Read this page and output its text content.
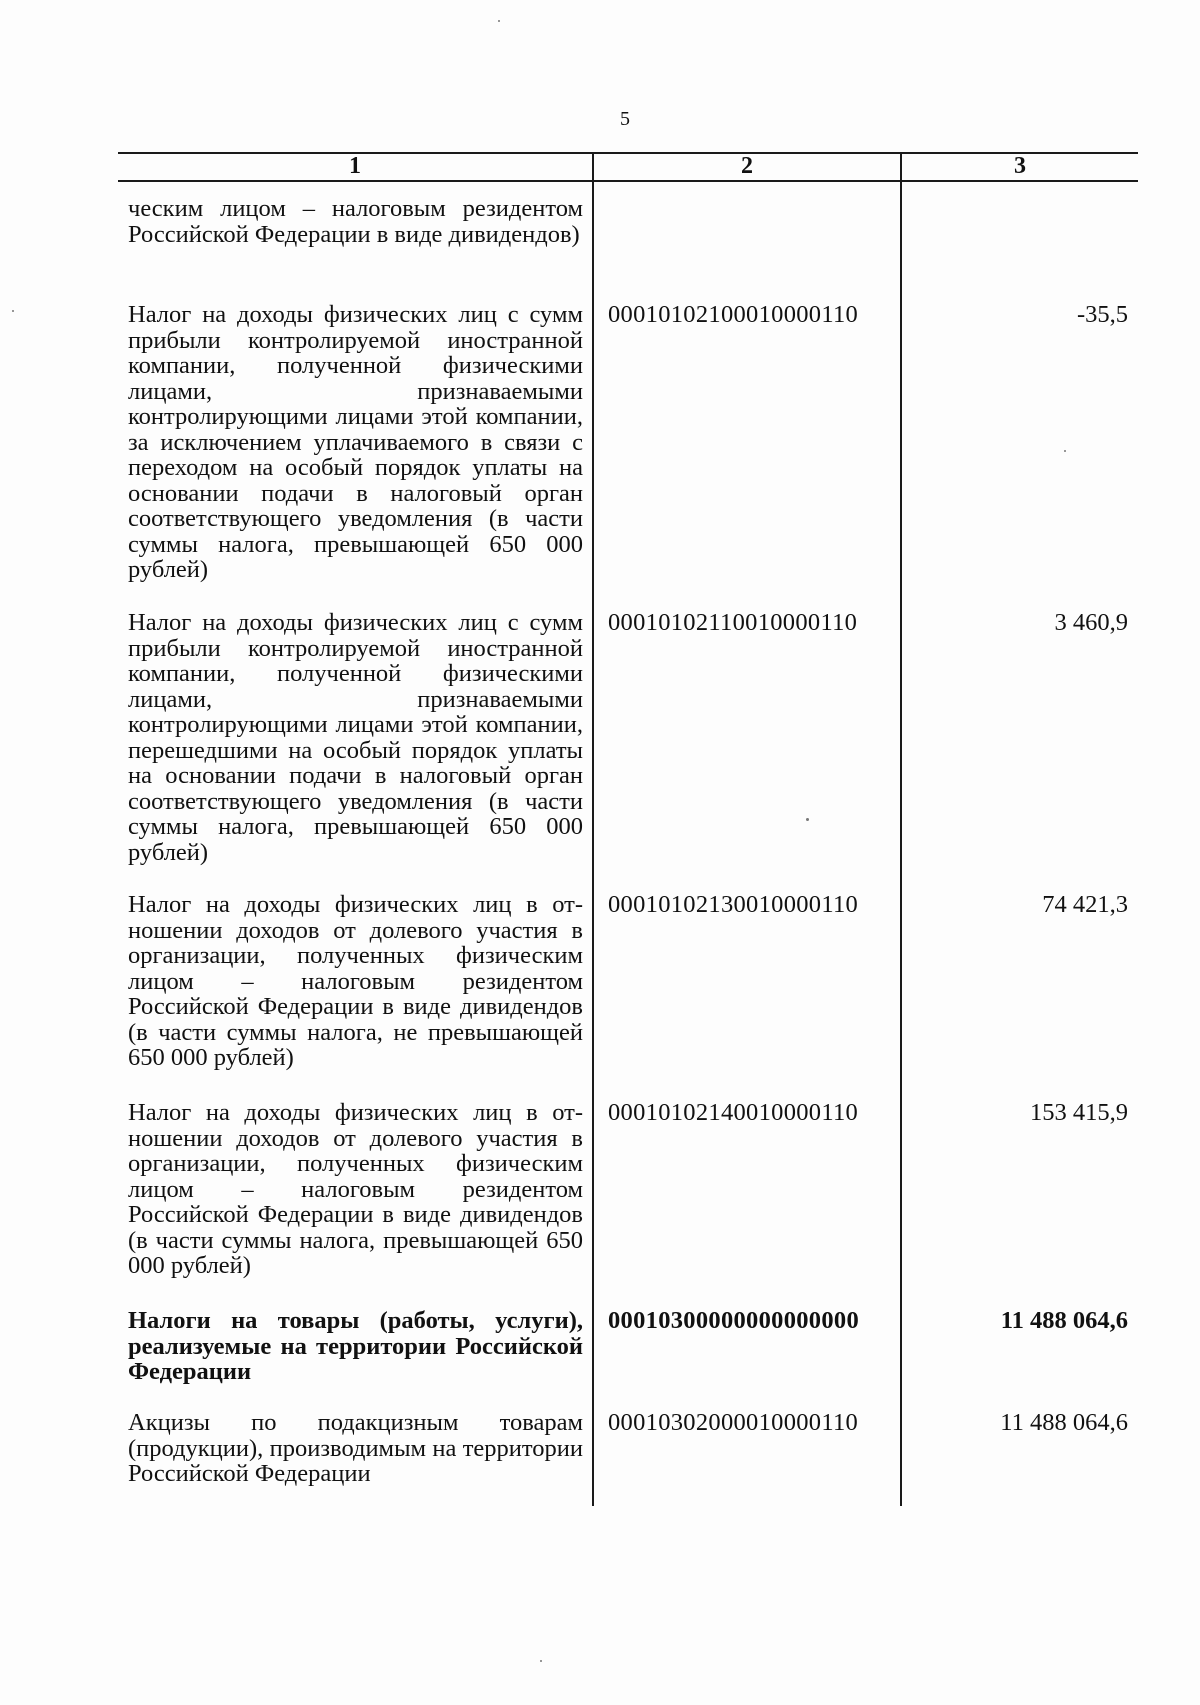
5
1	2	3
ческим лицом – налоговым резидентом Российской Федерации в виде дивидендов)
Налог на доходы физических лиц с сумм прибыли контролируемой иностранной компании, полученной физическими лицами, признаваемыми контролирующими лицами этой компании, за исключением уплачиваемого в связи с переходом на особый порядок уплаты на основании подачи в налоговый орган соответствующего уведомления (в части суммы налога, превышающей 650 000 рублей)
00010102100010000110	-35,5
Налог на доходы физических лиц с сумм прибыли контролируемой иностранной компании, полученной физическими лицами, признаваемыми контролирующими лицами этой компании, перешедшими на особый порядок уплаты на основании подачи в налоговый орган соответствующего уведомления (в части суммы налога, превышающей 650 000 рублей)
00010102110010000110	3 460,9
Налог на доходы физических лиц в отношении доходов от долевого участия в организации, полученных физическим лицом – налоговым резидентом Российской Федерации в виде дивидендов (в части суммы налога, не превышающей 650 000 рублей)
00010102130010000110	74 421,3
Налог на доходы физических лиц в отношении доходов от долевого участия в организации, полученных физическим лицом – налоговым резидентом Российской Федерации в виде дивидендов (в части суммы налога, превышающей 650 000 рублей)
00010102140010000110	153 415,9
Налоги на товары (работы, услуги), реализуемые на территории Российской Федерации
00010300000000000000	11 488 064,6
Акцизы по подакцизным товарам (продукции), производимым на территории Российской Федерации
00010302000010000110	11 488 064,6
